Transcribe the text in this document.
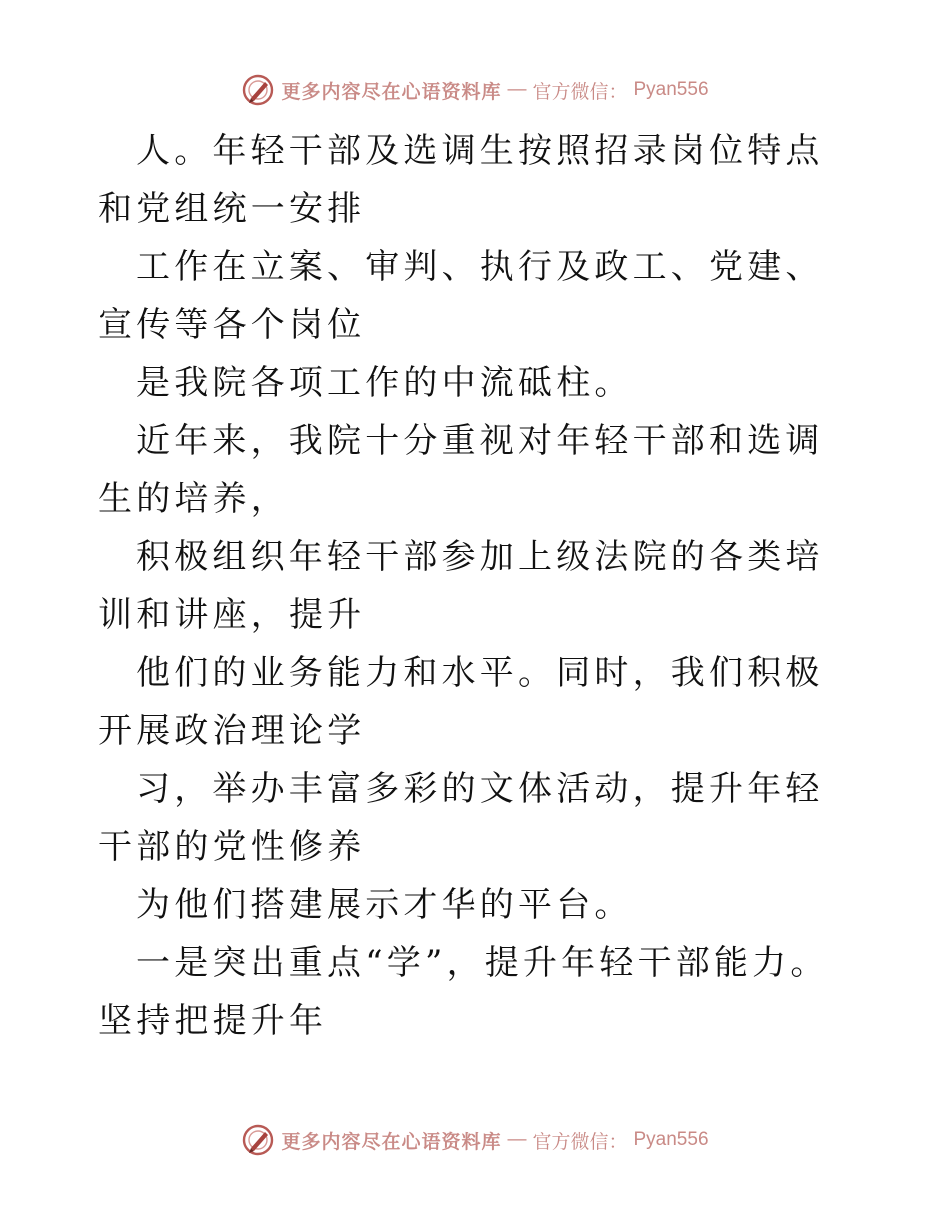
更多内容尽在心语资料库 — 官方微信： Pyan556

人。年轻干部及选调生按照招录岗位特点和党组统一安排

工作在立案、审判、执行及政工、党建、宣传等各个岗位

是我院各项工作的中流砥柱。

近年来，我院十分重视对年轻干部和选调生的培养，

积极组织年轻干部参加上级法院的各类培训和讲座，提升

他们的业务能力和水平。同时，我们积极开展政治理论学

习，举办丰富多彩的文体活动，提升年轻干部的党性修养

为他们搭建展示才华的平台。

一是突出重点“学”，提升年轻干部能力。坚持把提升年

更多内容尽在心语资料库 — 官方微信： Pyan556
